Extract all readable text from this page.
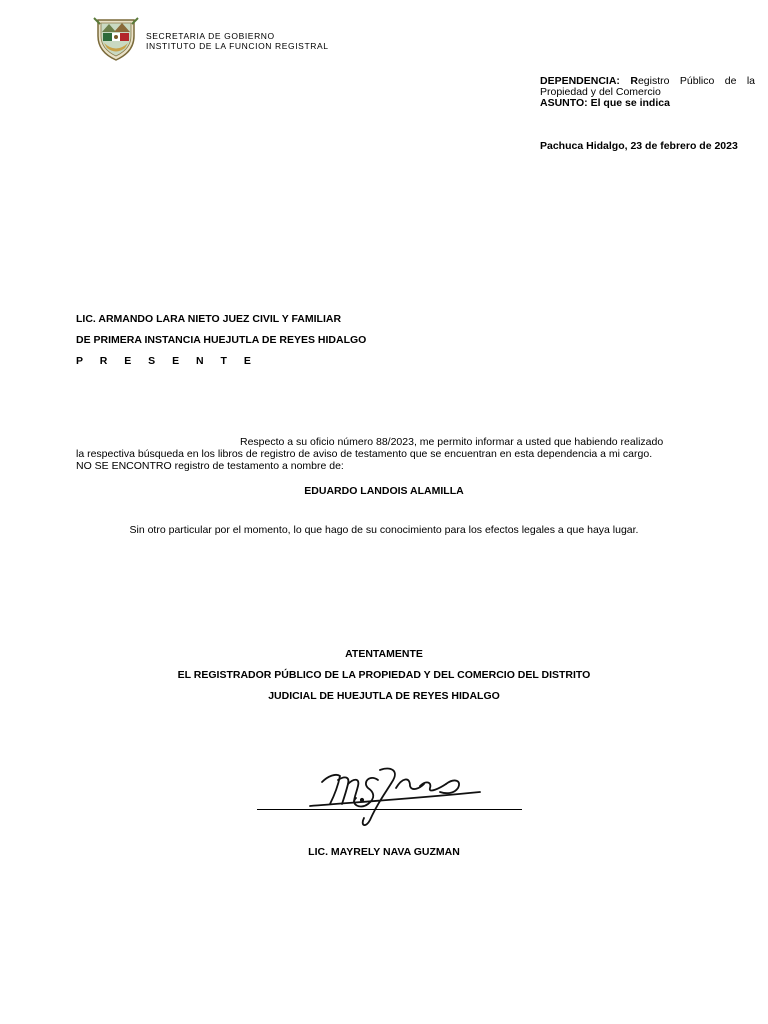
SECRETARIA DE GOBIERNO
INSTITUTO DE LA FUNCION REGISTRAL
DEPENDENCIA: Registro Público de la
Propiedad y del Comercio
ASUNTO: El que se indica
Pachuca Hidalgo, 23 de febrero de 2023
LIC. ARMANDO LARA NIETO JUEZ CIVIL Y FAMILIAR
DE PRIMERA INSTANCIA HUEJUTLA DE REYES HIDALGO
P R E S E N T E
Respecto a su oficio número 88/2023, me permito informar a usted que habiendo realizado
la respectiva búsqueda en los libros de registro de aviso de testamento que se encuentran en esta dependencia a mi cargo.
NO SE ENCONTRO registro de testamento a nombre de:
EDUARDO LANDOIS ALAMILLA
Sin otro particular por el momento, lo que hago de su conocimiento para los efectos legales a que haya lugar.
ATENTAMENTE
EL REGISTRADOR PÚBLICO DE LA PROPIEDAD Y DEL COMERCIO DEL DISTRITO
JUDICIAL DE HUEJUTLA DE REYES HIDALGO
LIC. MAYRELY NAVA GUZMAN
